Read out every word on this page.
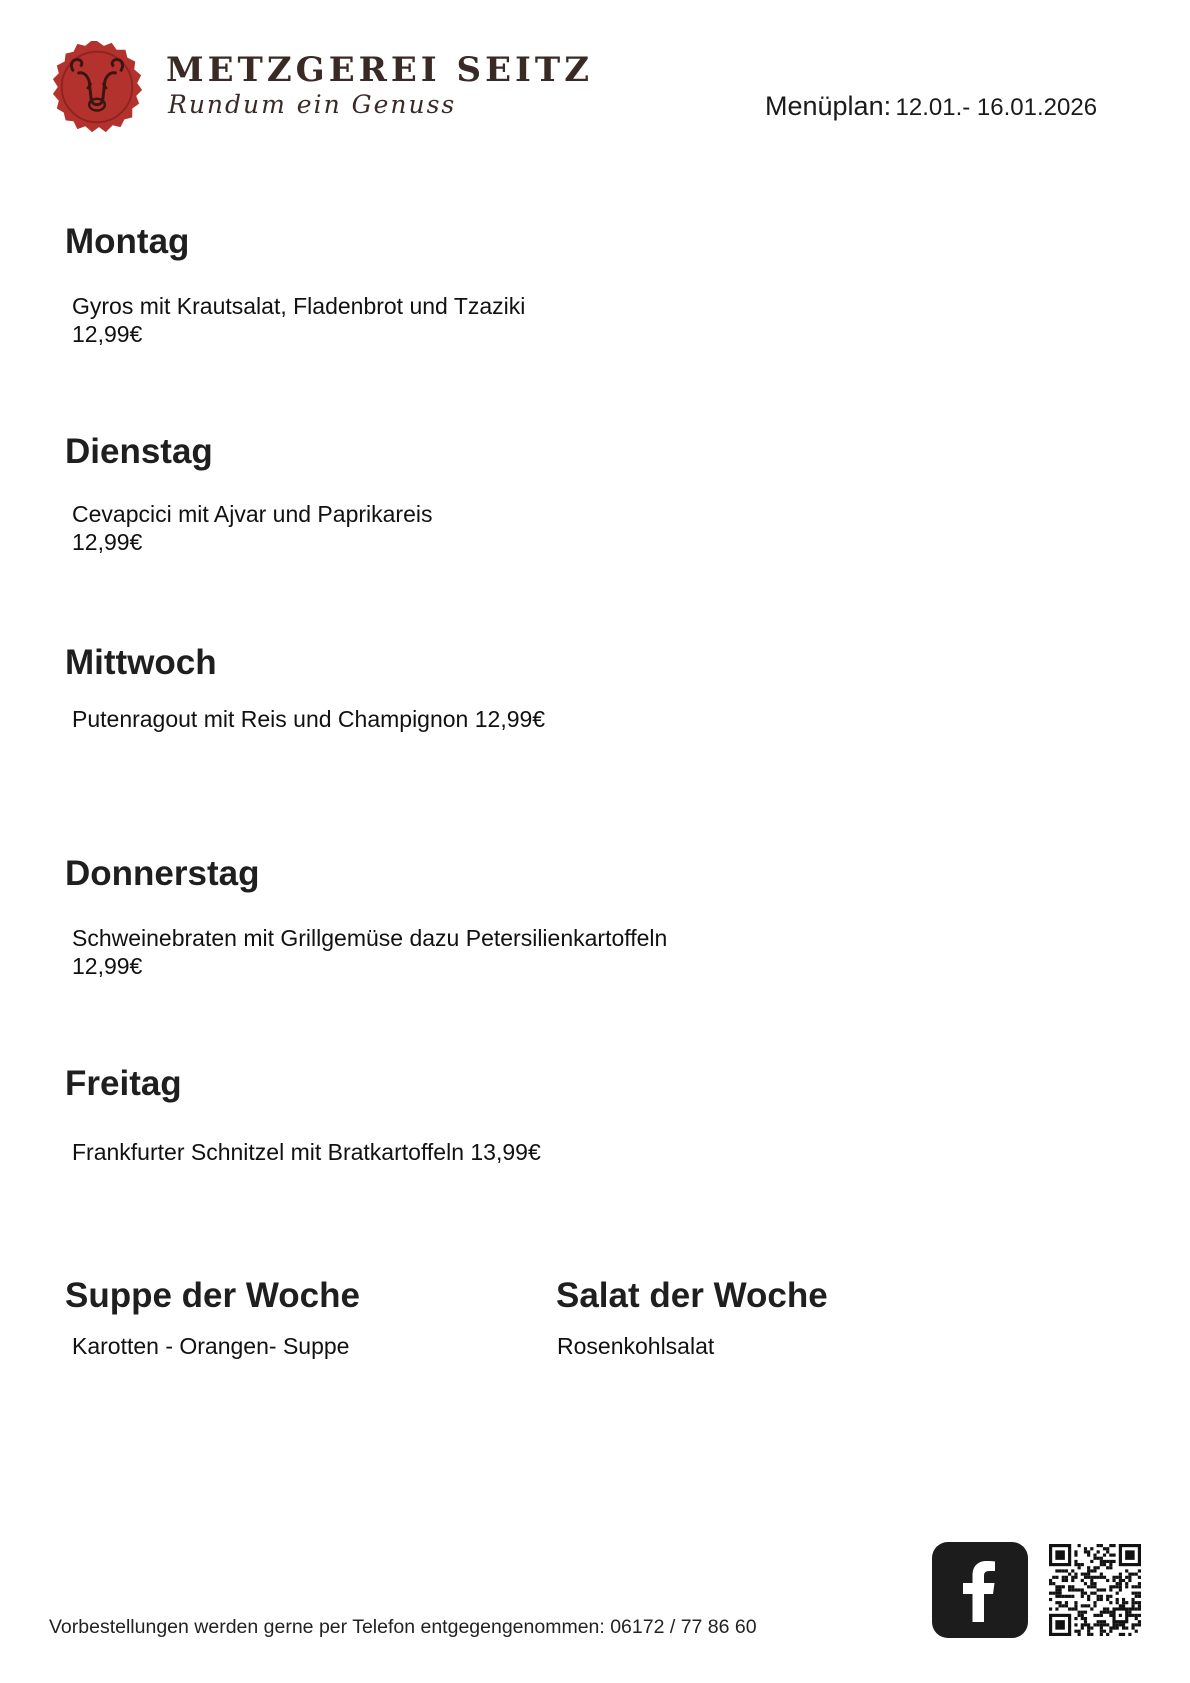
METZGEREI SEITZ
Rundum ein Genuss	Menüplan: 12.01.- 16.01.2026
Montag
Gyros mit Krautsalat, Fladenbrot und Tzaziki
12,99€
Dienstag
Cevapcici mit Ajvar und Paprikareis
12,99€
Mittwoch
Putenragout mit Reis und Champignon 12,99€
Donnerstag
Schweinebraten mit Grillgemüse dazu Petersilienkartoffeln
12,99€
Freitag
Frankfurter Schnitzel mit Bratkartoffeln 13,99€
Suppe der Woche
Karotten - Orangen- Suppe
Salat der Woche
Rosenkohlsalat
Vorbestellungen werden gerne per Telefon entgegengenommen: 06172 / 77 86 60
